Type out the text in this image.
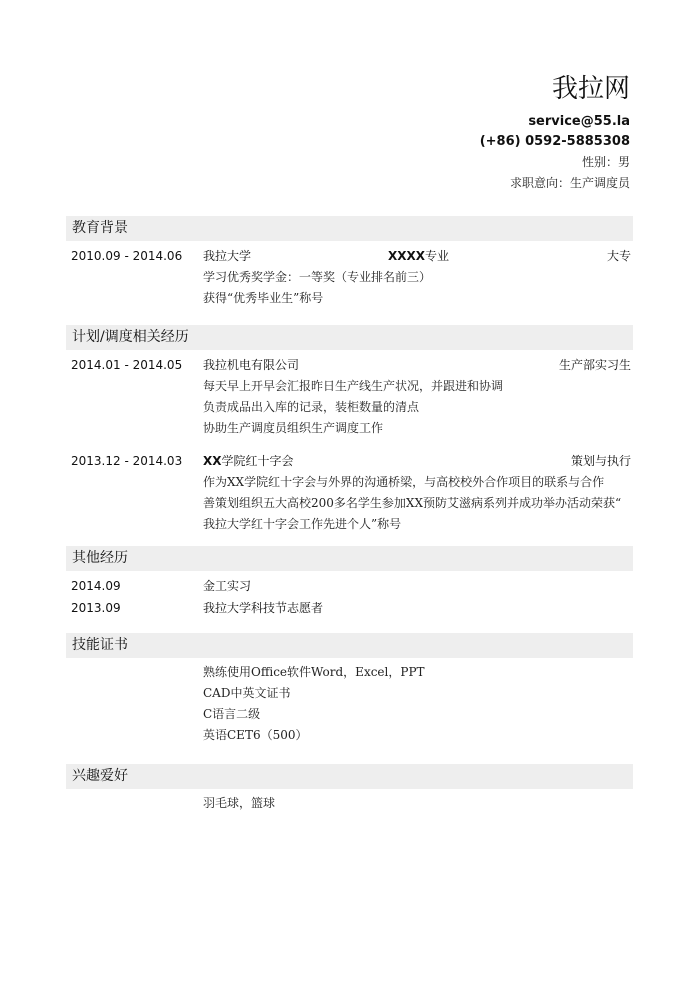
我拉网
service@55.la
(+86) 0592-5885308
性别：男
求职意向：生产调度员
教育背景
2010.09 - 2014.06 我拉大学	XXXX专业	大专
学习优秀奖学金：一等奖（专业排名前三）
获得“优秀毕业生”称号
计划/调度相关经历
2014.01 - 2014.05 我拉机电有限公司	生产部实习生
每天早上开早会汇报昨日生产线生产状况，并跟进和协调
负责成品出入库的记录，装柜数量的清点
协助生产调度员组织生产调度工作
2013.12 - 2014.03 XX学院红十字会	策划与执行
作为XX学院红十字会与外界的沟通桥梁，与高校校外合作项目的联系与合作
善策划组织五大高校200多名学生参加XX预防艾滋病系列并成功举办活动荣获“
我拉大学红十字会工作先进个人”称号
其他经历
2014.09	金工实习
2013.09	我拉大学科技节志愿者
技能证书
熟练使用Office软件Word，Excel，PPT
CAD中英文证书
C语言二级
英语CET6（500）
兴趣爱好
羽毛球，篮球
